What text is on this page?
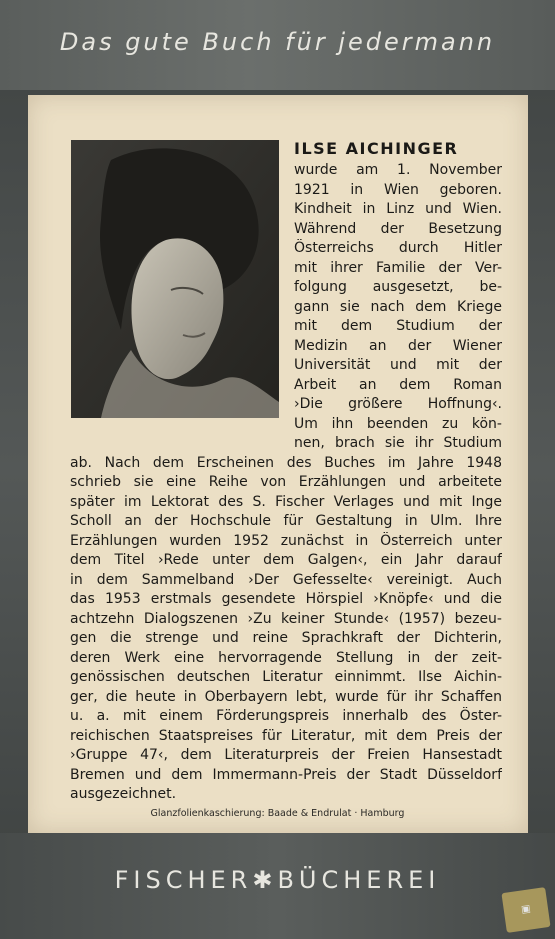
Das gute Buch für jedermann
ILSE AICHINGER
wurde am 1. November
1921 in Wien geboren.
Kindheit in Linz und Wien.
Während der Besetzung
Österreichs durch Hitler
mit ihrer Familie der Ver-
folgung ausgesetzt, be-
gann sie nach dem Kriege
mit dem Studium der
Medizin an der Wiener
Universität und mit der
Arbeit an dem Roman
›Die größere Hoffnung‹.
Um ihn beenden zu kön-
nen, brach sie ihr Studium
ab. Nach dem Erscheinen des Buches im Jahre 1948
schrieb sie eine Reihe von Erzählungen und arbeitete
später im Lektorat des S. Fischer Verlages und mit Inge
Scholl an der Hochschule für Gestaltung in Ulm. Ihre
Erzählungen wurden 1952 zunächst in Österreich unter
dem Titel ›Rede unter dem Galgen‹, ein Jahr darauf
in dem Sammelband ›Der Gefesselte‹ vereinigt. Auch
das 1953 erstmals gesendete Hörspiel ›Knöpfe‹ und die
achtzehn Dialogszenen ›Zu keiner Stunde‹ (1957) bezeu-
gen die strenge und reine Sprachkraft der Dichterin,
deren Werk eine hervorragende Stellung in der zeit-
genössischen deutschen Literatur einnimmt. Ilse Aichin-
ger, die heute in Oberbayern lebt, wurde für ihr Schaffen
u. a. mit einem Förderungspreis innerhalb des Öster-
reichischen Staatspreises für Literatur, mit dem Preis der
›Gruppe 47‹, dem Literaturpreis der Freien Hansestadt
Bremen und dem Immermann-Preis der Stadt Düsseldorf
ausgezeichnet.
Glanzfolienkaschierung: Baade & Endrulat · Hamburg
FISCHER✱BÜCHEREI
▣
